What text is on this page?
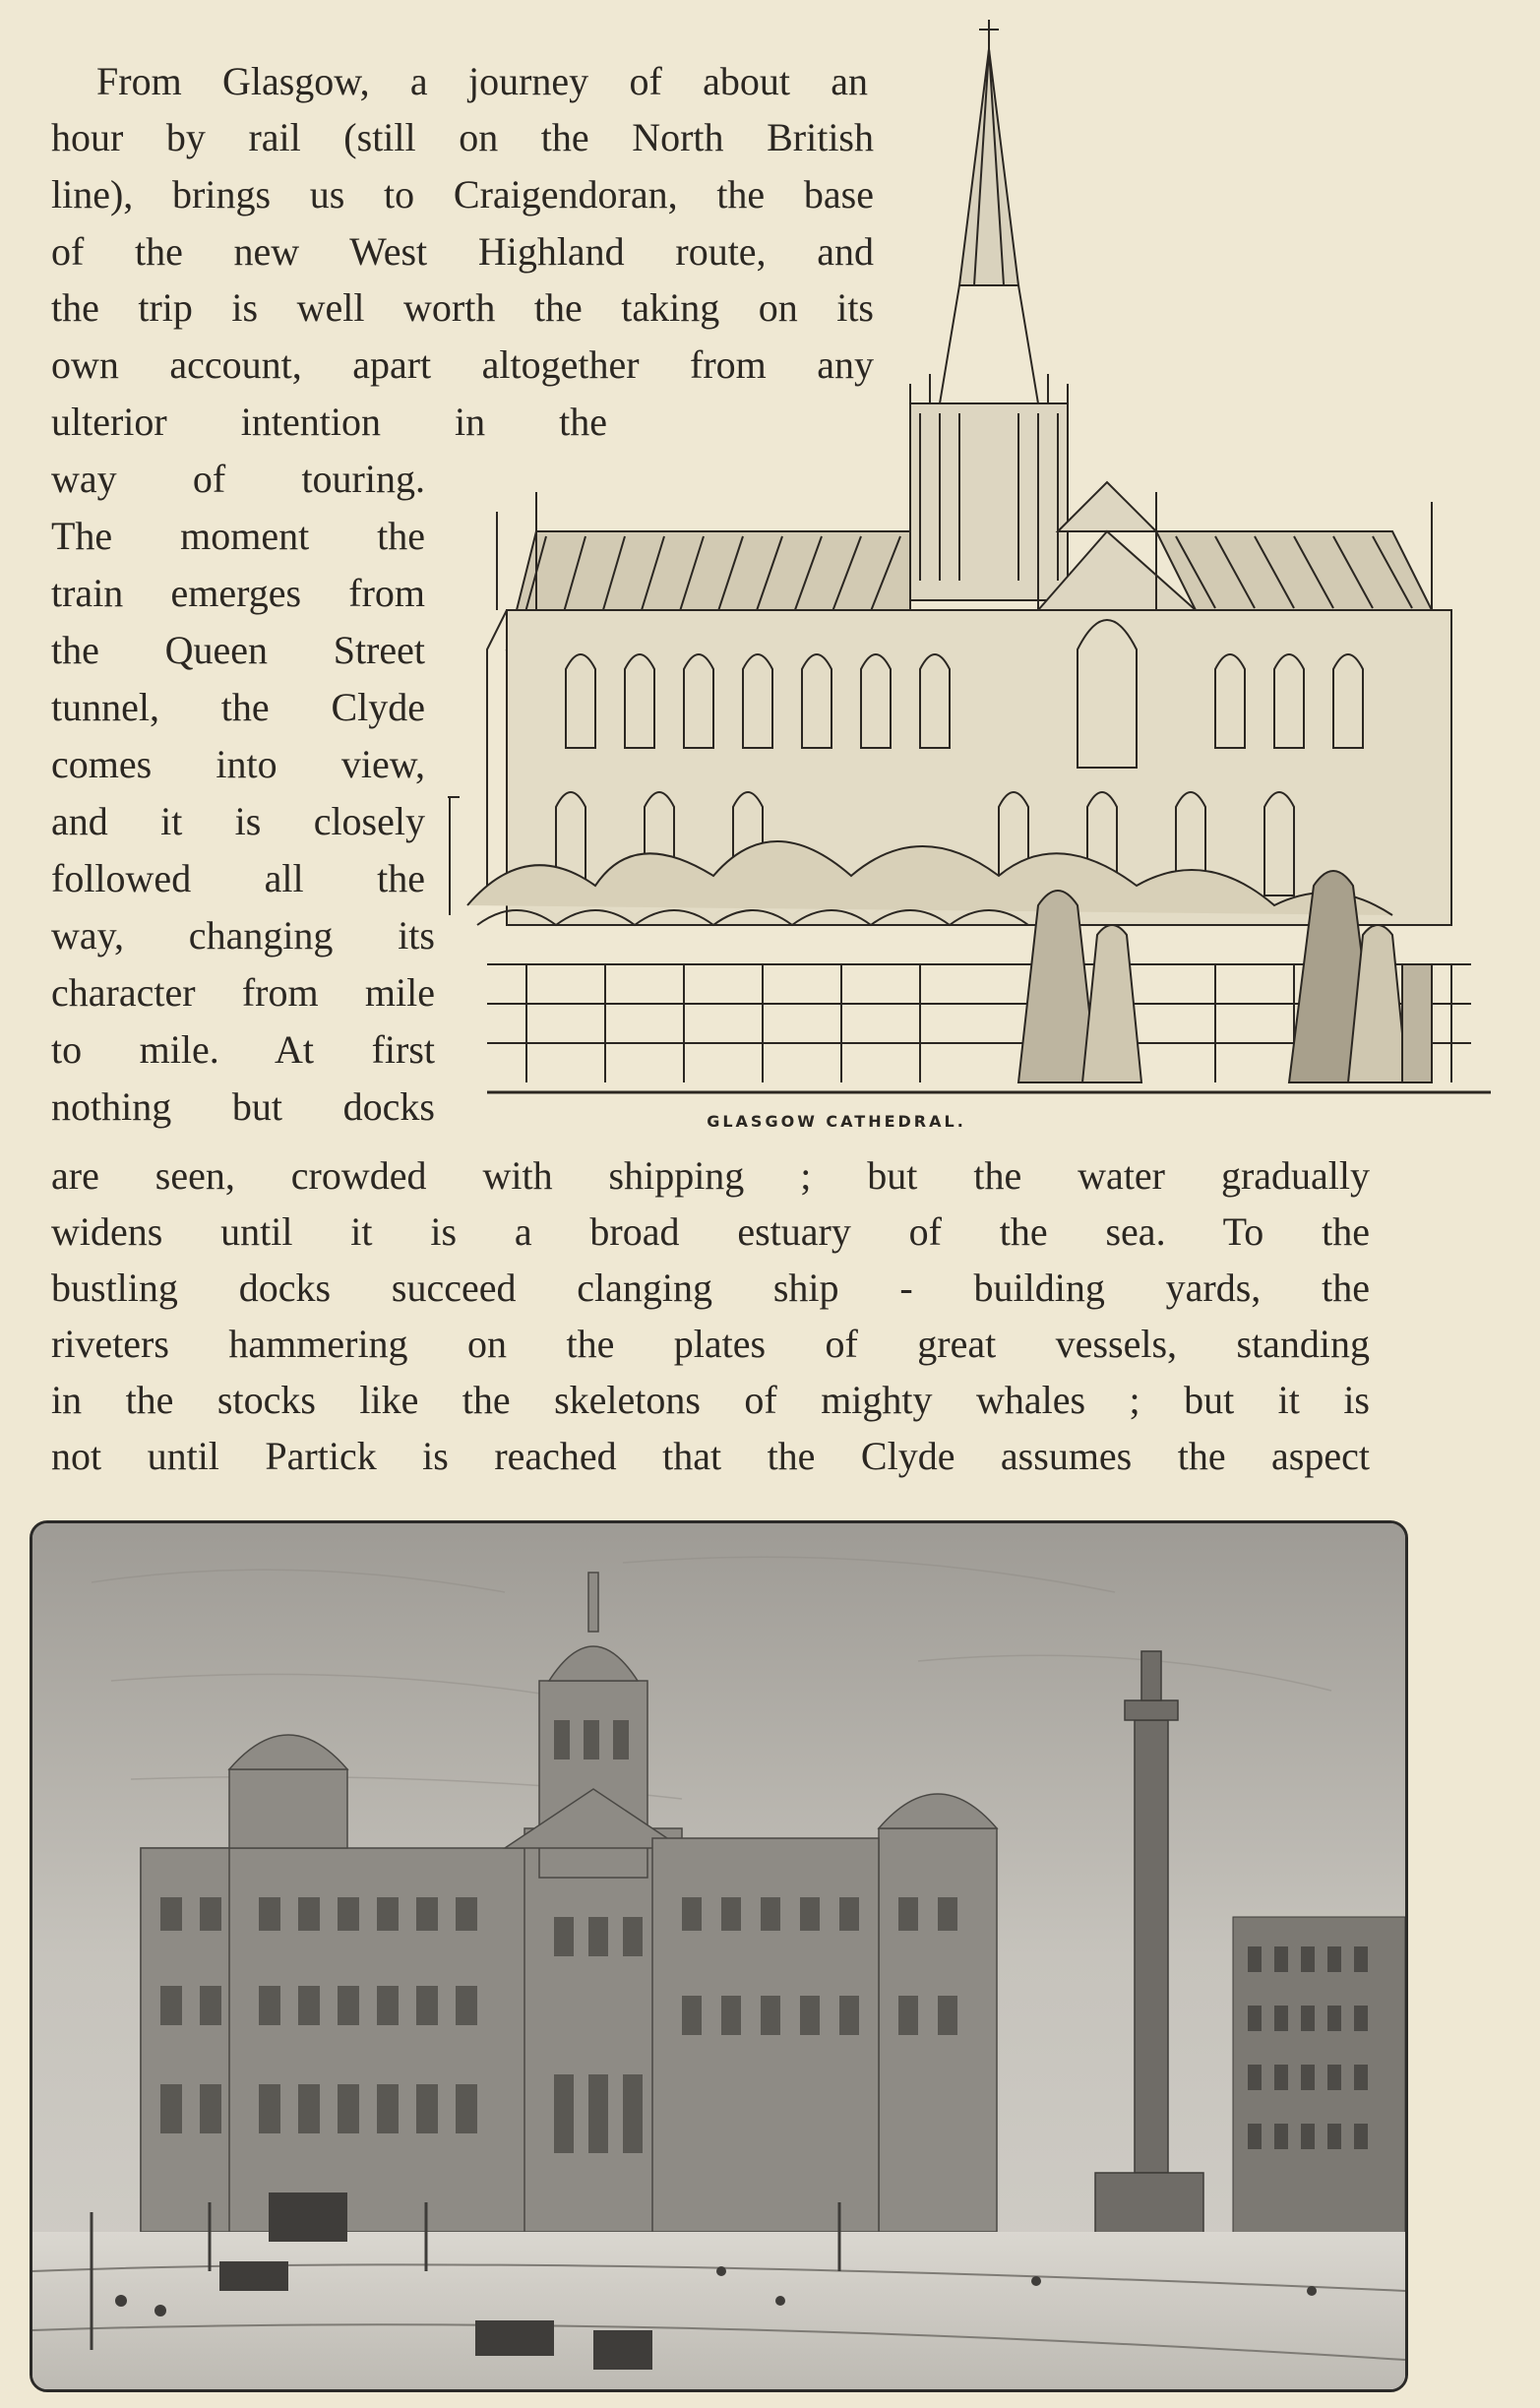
From Glasgow, a journey of about an
hour by rail (still on the North British
line), brings us to Craigendoran, the base
of the new West Highland route, and
the trip is well worth the taking on its
own account, apart altogether from any
ulterior intention in the
way of touring.
The moment the
train emerges from
the Queen Street
tunnel, the Clyde
comes into view,
and it is closely
followed all the
way, changing its
character from mile
to mile. At first
nothing but docks
are seen, crowded with shipping ; but the water gradually
widens until it is a broad estuary of the sea. To the
bustling docks succeed clanging ship - building yards, the
riveters hammering on the plates of great vessels, standing
in the stocks like the skeletons of mighty whales ; but it is
not until Partick is reached that the Clyde assumes the aspect
GLASGOW CATHEDRAL.
